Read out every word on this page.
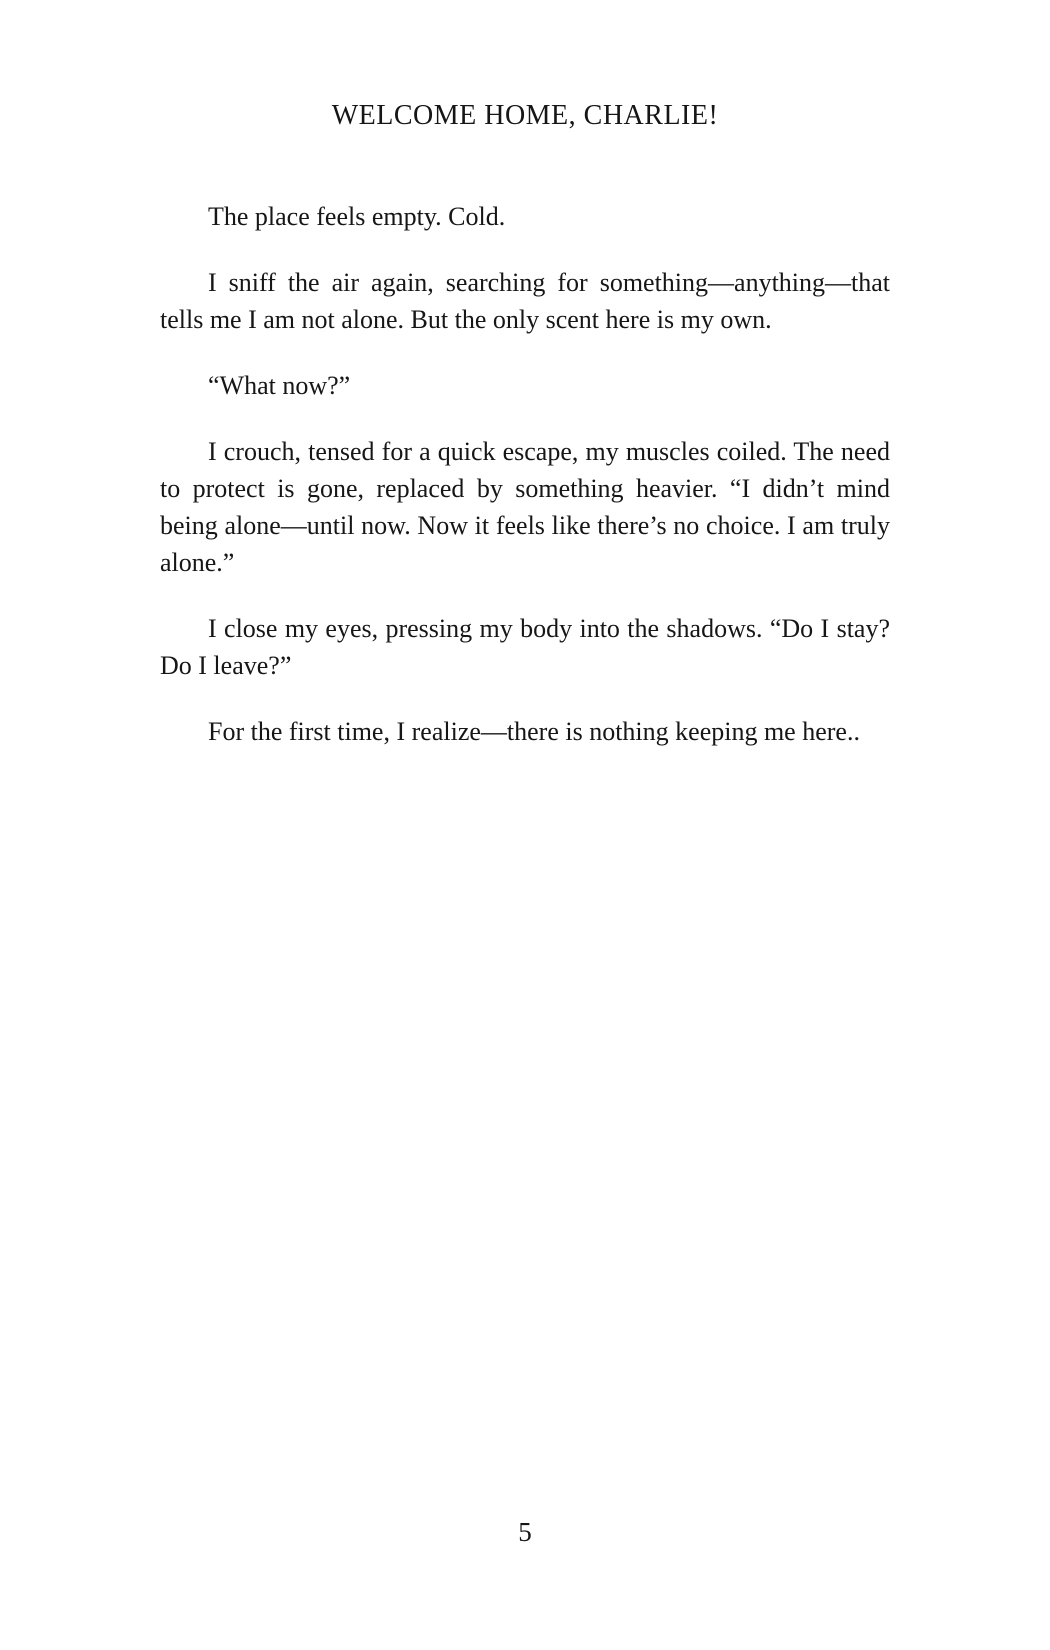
WELCOME HOME, CHARLIE!

The place feels empty. Cold.

I sniff the air again, searching for something—anything—that tells me I am not alone. But the only scent here is my own.

“What now?”

I crouch, tensed for a quick escape, my muscles coiled. The need to protect is gone, replaced by something heavier. “I didn’t mind being alone—until now. Now it feels like there’s no choice. I am truly alone.”

I close my eyes, pressing my body into the shadows. “Do I stay? Do I leave?”

For the first time, I realize—there is nothing keeping me here..

5
